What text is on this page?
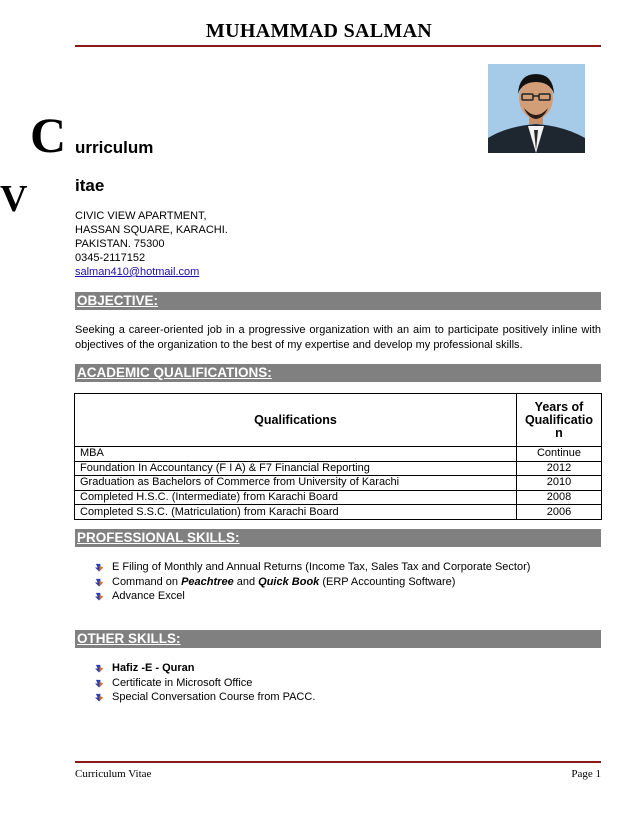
MUHAMMAD SALMAN
C urriculum
V	itae
CIVIC VIEW APARTMENT,
HASSAN SQUARE, KARACHI.
PAKISTAN. 75300
0345-2117152
salman410@hotmail.com
OBJECTIVE:
Seeking a career-oriented job in a progressive organization with an aim to participate positively inline with objectives of the organization to the best of my expertise and develop my professional skills.
ACADEMIC QUALIFICATIONS:
Qualifications	Years of Qualificatio n
MBA	Continue
Foundation In Accountancy (F I A) & F7 Financial Reporting	2012
Graduation as Bachelors of Commerce from University of Karachi	2010
Completed H.S.C. (Intermediate) from Karachi Board	2008
Completed S.S.C. (Matriculation) from Karachi Board	2006
PROFESSIONAL SKILLS:
E Filing of Monthly and Annual Returns (Income Tax, Sales Tax and Corporate Sector)
Command on Peachtree and Quick Book (ERP Accounting Software)
Advance Excel
OTHER SKILLS:
Hafiz -E - Quran
Certificate in Microsoft Office
Special Conversation Course from PACC.
Curriculum Vitae	Page 1
